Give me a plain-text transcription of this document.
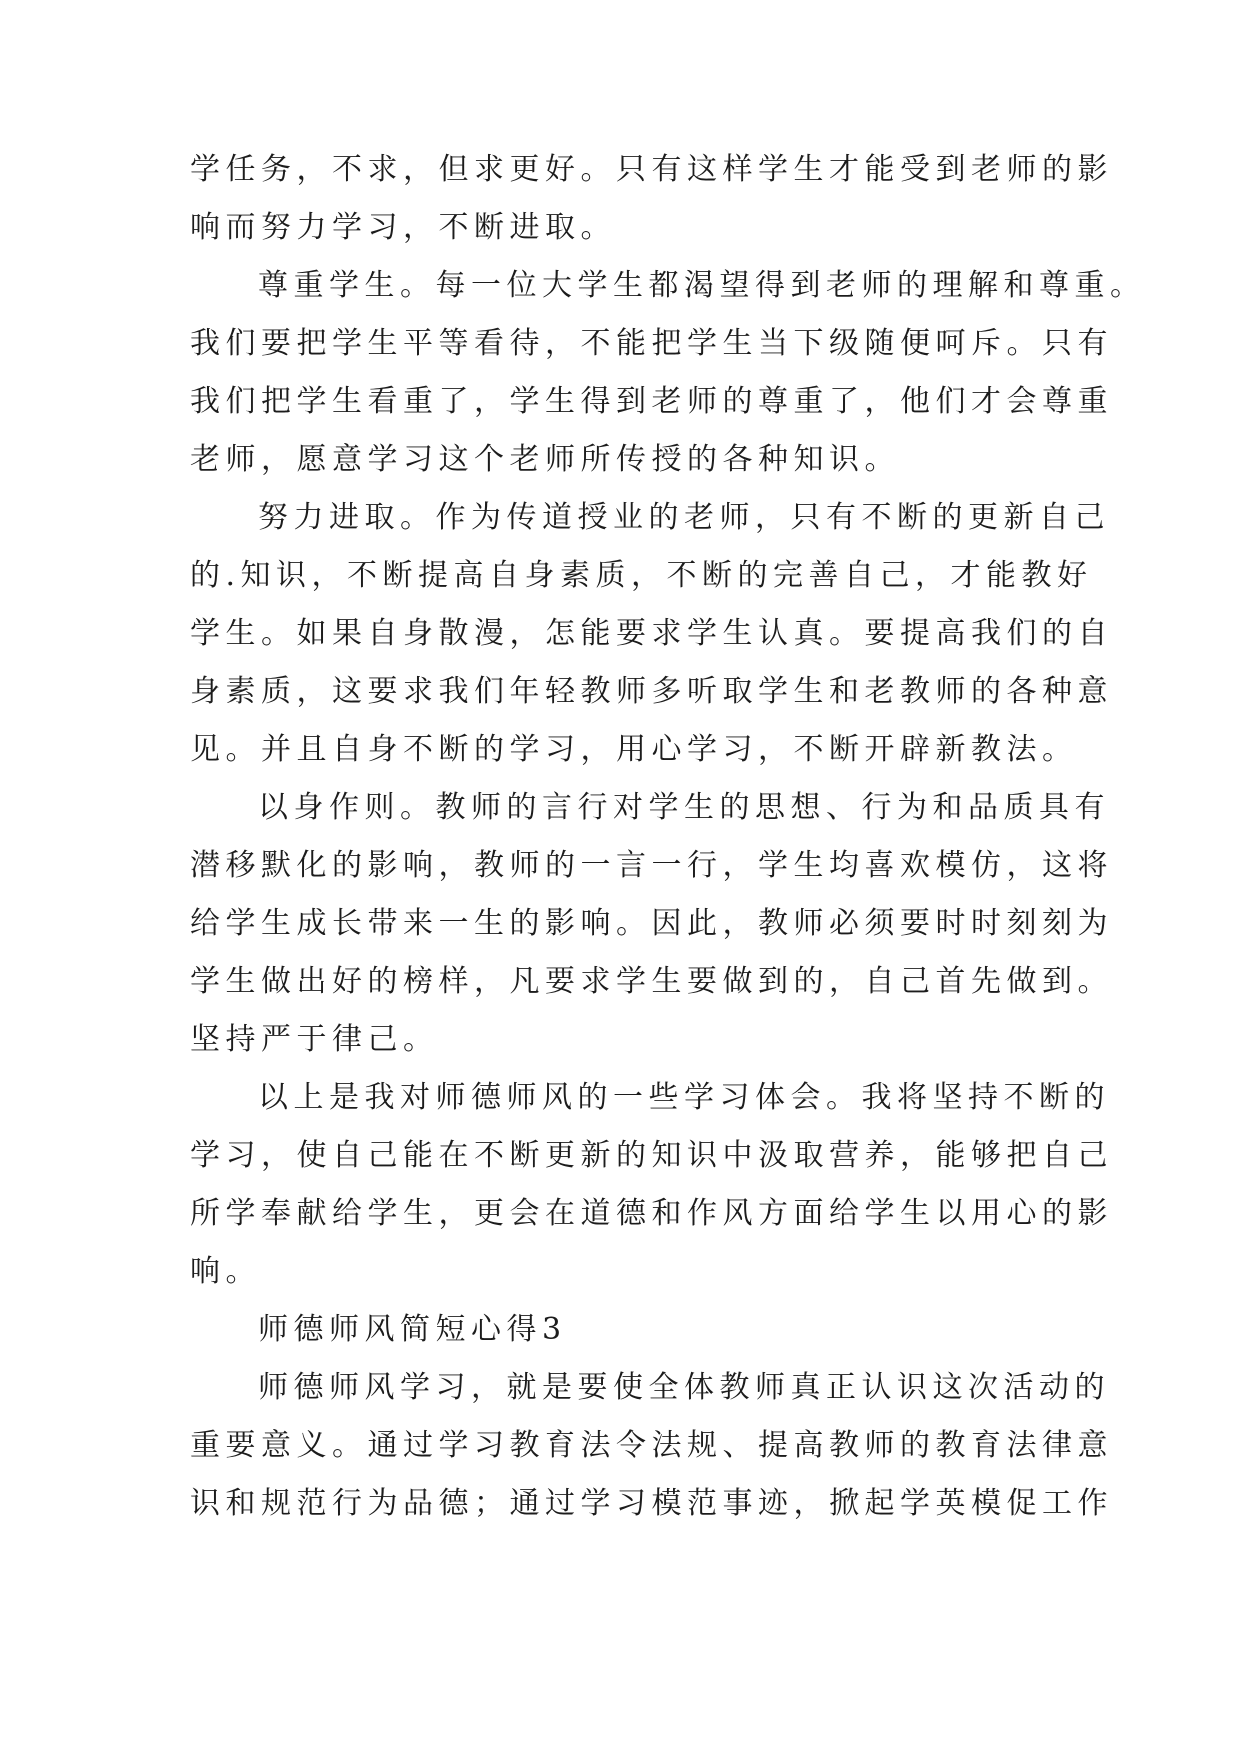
学任务，不求，但求更好。只有这样学生才能受到老师的影

响而努力学习，不断进取。

尊重学生。每一位大学生都渴望得到老师的理解和尊重。

我们要把学生平等看待，不能把学生当下级随便呵斥。只有

我们把学生看重了，学生得到老师的尊重了，他们才会尊重

老师，愿意学习这个老师所传授的各种知识。

努力进取。作为传道授业的老师，只有不断的更新自己

的.知识，不断提高自身素质，不断的完善自己，才能教好

学生。如果自身散漫，怎能要求学生认真。要提高我们的自

身素质，这要求我们年轻教师多听取学生和老教师的各种意

见。并且自身不断的学习，用心学习，不断开辟新教法。

以身作则。教师的言行对学生的思想、行为和品质具有

潜移默化的影响，教师的一言一行，学生均喜欢模仿，这将

给学生成长带来一生的影响。因此，教师必须要时时刻刻为

学生做出好的榜样，凡要求学生要做到的，自己首先做到。

坚持严于律己。

以上是我对师德师风的一些学习体会。我将坚持不断的

学习，使自己能在不断更新的知识中汲取营养，能够把自己

所学奉献给学生，更会在道德和作风方面给学生以用心的影

响。

师德师风简短心得3

师德师风学习，就是要使全体教师真正认识这次活动的

重要意义。通过学习教育法令法规、提高教师的教育法律意

识和规范行为品德；通过学习模范事迹，掀起学英模促工作
